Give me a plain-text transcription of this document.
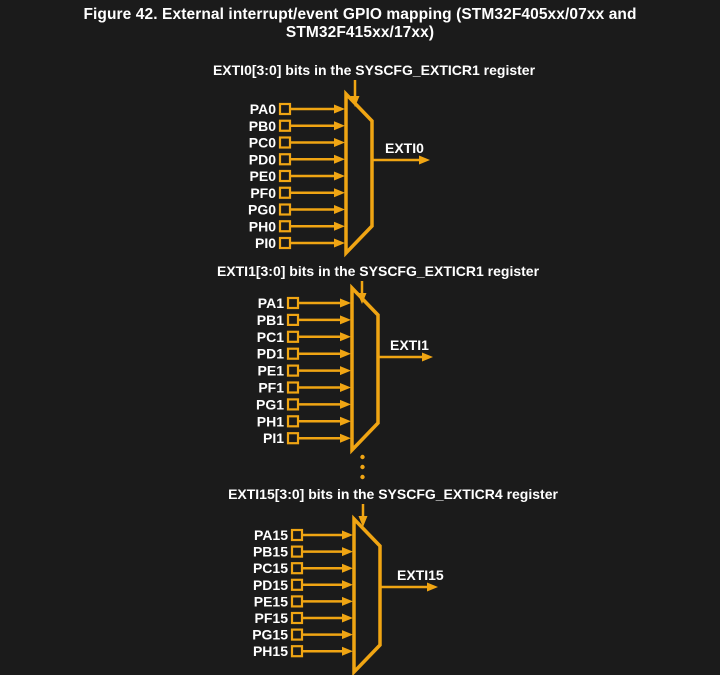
Figure 42. External interrupt/event GPIO mapping (STM32F405xx/07xx and
STM32F415xx/17xx)
EXTI0[3:0] bits in the SYSCFG_EXTICR1 register
PA0
PB0
PC0
PD0
PE0
PF0
PG0
PH0
PI0
EXTI0
EXTI1[3:0] bits in the SYSCFG_EXTICR1 register
PA1
PB1
PC1
PD1
PE1
PF1
PG1
PH1
PI1
EXTI1
EXTI15[3:0] bits in the SYSCFG_EXTICR4 register
PA15
PB15
PC15
PD15
PE15
PF15
PG15
PH15
EXTI15
